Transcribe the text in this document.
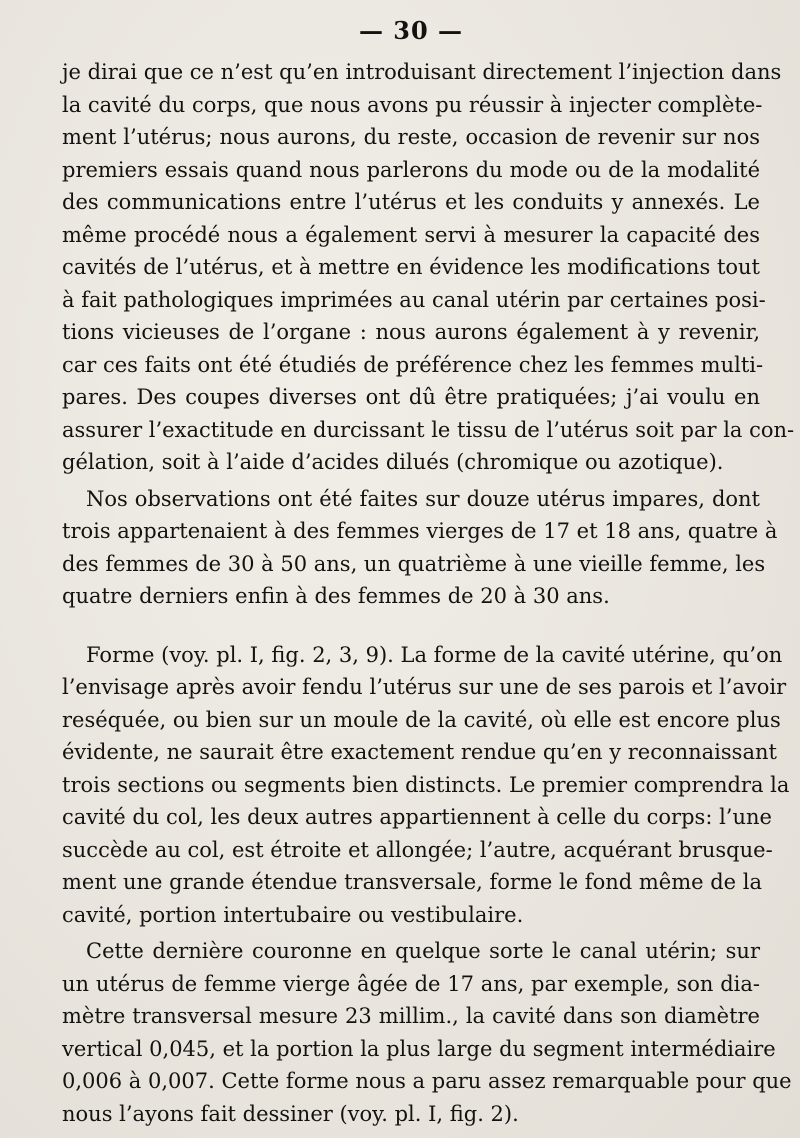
— 30 —
je dirai que ce n’est qu’en introduisant directement l’injection dans
la cavité du corps, que nous avons pu réussir à injecter complète-
ment l’utérus; nous aurons, du reste, occasion de revenir sur nos
premiers essais quand nous parlerons du mode ou de la modalité
des communications entre l’utérus et les conduits y annexés. Le
même procédé nous a également servi à mesurer la capacité des
cavités de l’utérus, et à mettre en évidence les modifications tout
à fait pathologiques imprimées au canal utérin par certaines posi-
tions vicieuses de l’organe : nous aurons également à y revenir,
car ces faits ont été étudiés de préférence chez les femmes multi-
pares. Des coupes diverses ont dû être pratiquées; j’ai voulu en
assurer l’exactitude en durcissant le tissu de l’utérus soit par la con-
gélation, soit à l’aide d’acides dilués (chromique ou azotique).
Nos observations ont été faites sur douze utérus impares, dont
trois appartenaient à des femmes vierges de 17 et 18 ans, quatre à
des femmes de 30 à 50 ans, un quatrième à une vieille femme, les
quatre derniers enfin à des femmes de 20 à 30 ans.
Forme (voy. pl. I, fig. 2, 3, 9). La forme de la cavité utérine, qu’on
l’envisage après avoir fendu l’utérus sur une de ses parois et l’avoir
reséquée, ou bien sur un moule de la cavité, où elle est encore plus
évidente, ne saurait être exactement rendue qu’en y reconnaissant
trois sections ou segments bien distincts. Le premier comprendra la
cavité du col, les deux autres appartiennent à celle du corps: l’une
succède au col, est étroite et allongée; l’autre, acquérant brusque-
ment une grande étendue transversale, forme le fond même de la
cavité, portion intertubaire ou vestibulaire.
Cette dernière couronne en quelque sorte le canal utérin; sur
un utérus de femme vierge âgée de 17 ans, par exemple, son dia-
mètre transversal mesure 23 millim., la cavité dans son diamètre
vertical 0,045, et la portion la plus large du segment intermédiaire
0,006 à 0,007. Cette forme nous a paru assez remarquable pour que
nous l’ayons fait dessiner (voy. pl. I, fig. 2).
